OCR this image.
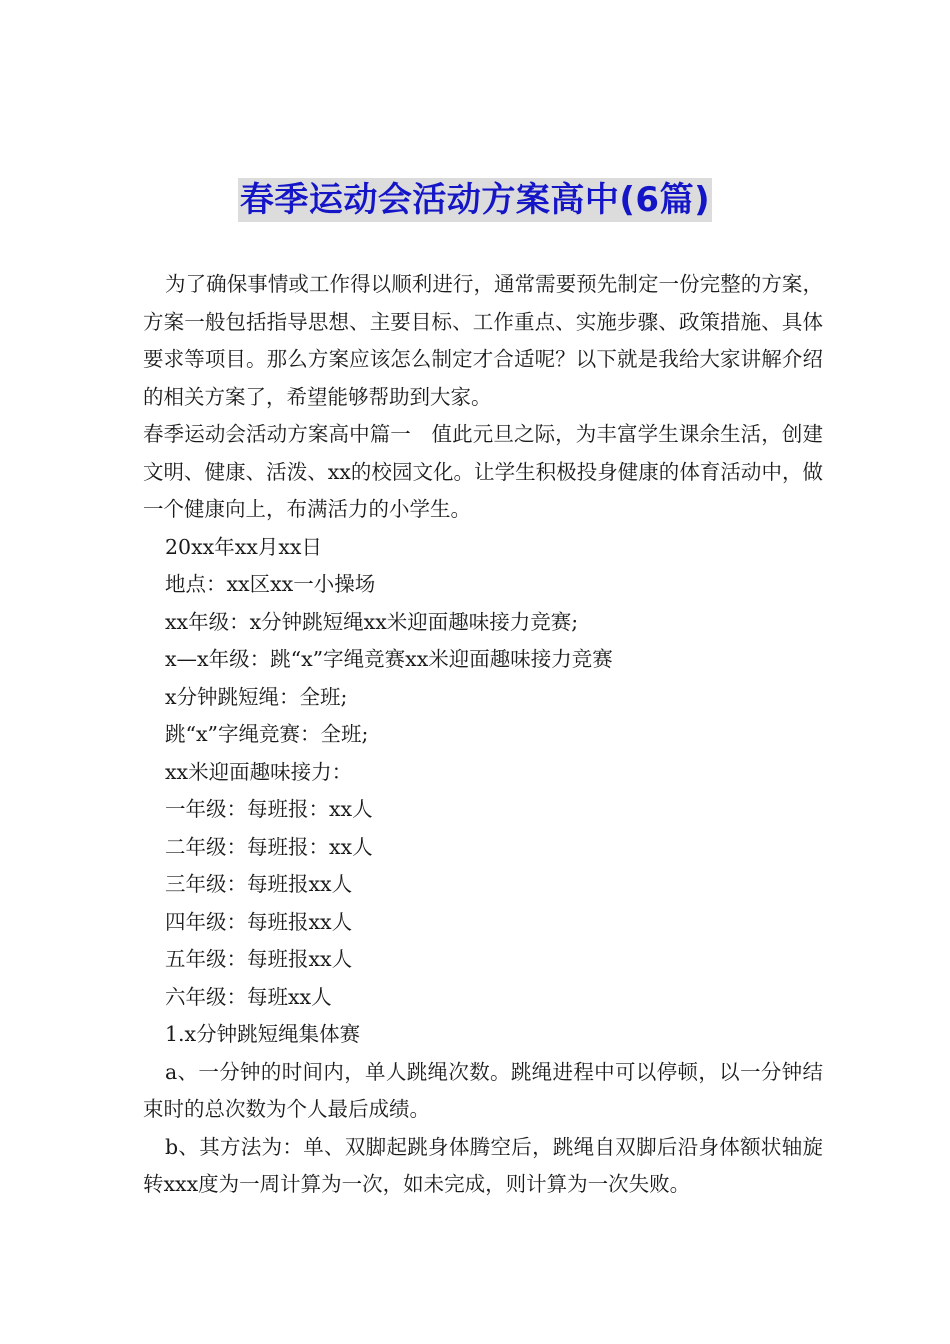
春季运动会活动方案高中(6篇)

为了确保事情或工作得以顺利进行，通常需要预先制定一份完整的方案，方案一般包括指导思想、主要目标、工作重点、实施步骤、政策措施、具体要求等项目。那么方案应该怎么制定才合适呢？以下就是我给大家讲解介绍的相关方案了，希望能够帮助到大家。

春季运动会活动方案高中篇一　值此元旦之际，为丰富学生课余生活，创建文明、健康、活泼、xx的校园文化。让学生积极投身健康的体育活动中，做一个健康向上，布满活力的小学生。

20xx年xx月xx日

地点：xx区xx一小操场

xx年级：x分钟跳短绳xx米迎面趣味接力竞赛;

x—x年级：跳“x”字绳竞赛xx米迎面趣味接力竞赛

x分钟跳短绳：全班;

跳“x”字绳竞赛：全班;

xx米迎面趣味接力：

一年级：每班报：xx人

二年级：每班报：xx人

三年级：每班报xx人

四年级：每班报xx人

五年级：每班报xx人

六年级：每班xx人

1.x分钟跳短绳集体赛

a、一分钟的时间内，单人跳绳次数。跳绳进程中可以停顿，以一分钟结束时的总次数为个人最后成绩。

b、其方法为：单、双脚起跳身体腾空后，跳绳自双脚后沿身体额状轴旋转xxx度为一周计算为一次，如未完成，则计算为一次失败。
